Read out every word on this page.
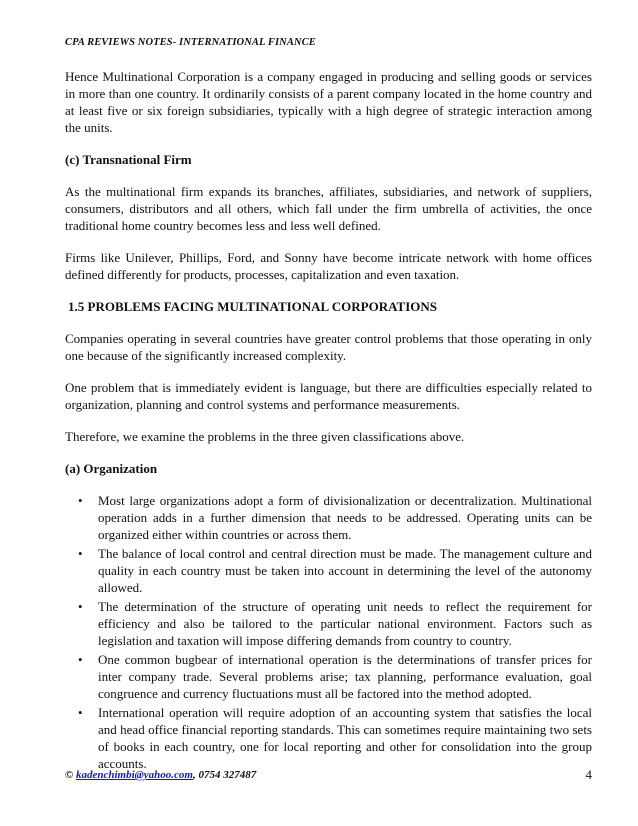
CPA REVIEWS NOTES- INTERNATIONAL FINANCE

Hence Multinational Corporation is a company engaged in producing and selling goods or services in more than one country. It ordinarily consists of a parent company located in the home country and at least five or six foreign subsidiaries, typically with a high degree of strategic interaction among the units.

(c) Transnational Firm

As the multinational firm expands its branches, affiliates, subsidiaries, and network of suppliers, consumers, distributors and all others, which fall under the firm umbrella of activities, the once traditional home country becomes less and less well defined.

Firms like Unilever, Phillips, Ford, and Sonny have become intricate network with home offices defined differently for products, processes, capitalization and even taxation.

1.5 PROBLEMS FACING MULTINATIONAL CORPORATIONS

Companies operating in several countries have greater control problems that those operating in only one because of the significantly increased complexity.

One problem that is immediately evident is language, but there are difficulties especially related to organization, planning and control systems and performance measurements.

Therefore, we examine the problems in the three given classifications above.

(a) Organization

• Most large organizations adopt a form of divisionalization or decentralization. Multinational operation adds in a further dimension that needs to be addressed. Operating units can be organized either within countries or across them.
• The balance of local control and central direction must be made. The management culture and quality in each country must be taken into account in determining the level of the autonomy allowed.
• The determination of the structure of operating unit needs to reflect the requirement for efficiency and also be tailored to the particular national environment. Factors such as legislation and taxation will impose differing demands from country to country.
• One common bugbear of international operation is the determinations of transfer prices for inter company trade. Several problems arise; tax planning, performance evaluation, goal congruence and currency fluctuations must all be factored into the method adopted.
• International operation will require adoption of an accounting system that satisfies the local and head office financial reporting standards. This can sometimes require maintaining two sets of books in each country, one for local reporting and other for consolidation into the group accounts.
© kadenchimbi@yahoo.com, 0754 327487	4
